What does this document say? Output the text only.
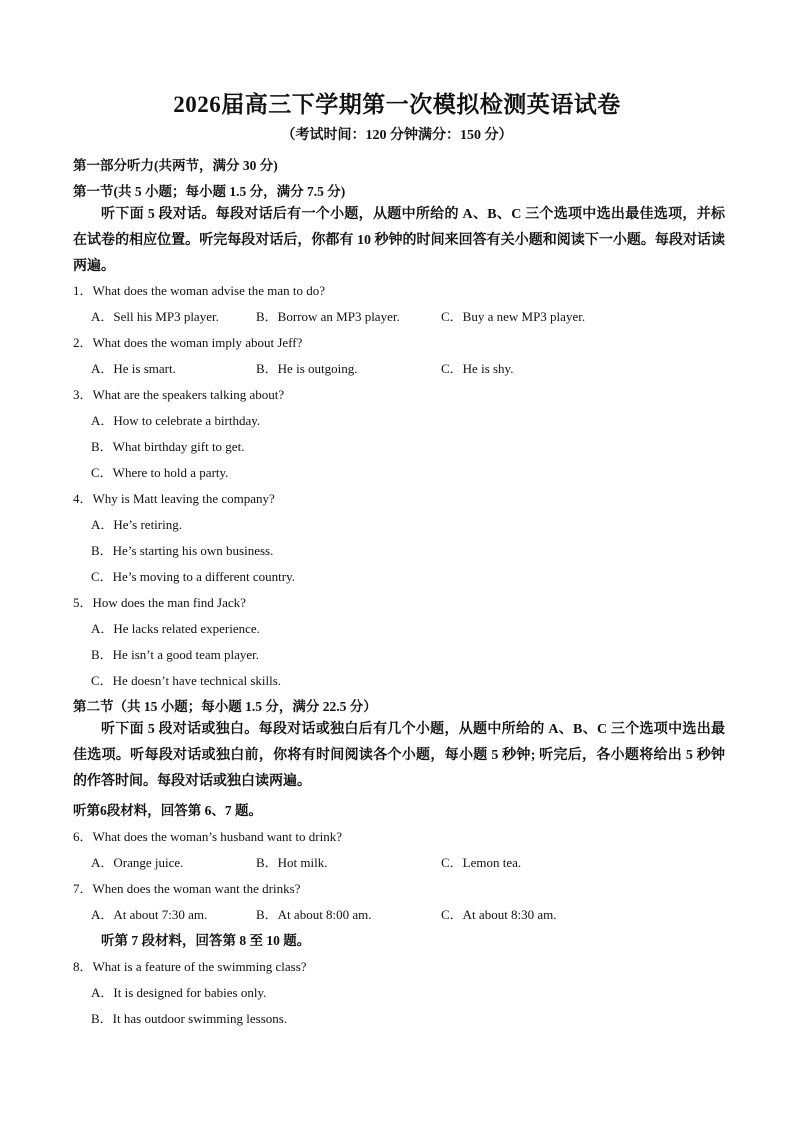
2026届高三下学期第一次模拟检测英语试卷
（考试时间：120 分钟满分：150 分）
第一部分听力(共两节，满分 30 分)
第一节(共 5 小题；每小题 1.5 分，满分 7.5 分)
听下面 5 段对话。每段对话后有一个小题，从题中所给的 A、B、C 三个选项中选出最佳选项，并标在试卷的相应位置。听完每段对话后，你都有 10 秒钟的时间来回答有关小题和阅读下一小题。每段对话读两遍。
1．What does the woman advise the man to do?
A．Sell his MP3 player.	B．Borrow an MP3 player.	C．Buy a new MP3 player.
2．What does the woman imply about Jeff?
A．He is smart.	B．He is outgoing.	C．He is shy.
3．What are the speakers talking about?
A．How to celebrate a birthday.
B．What birthday gift to get.
C．Where to hold a party.
4．Why is Matt leaving the company?
A．He’s retiring.
B．He’s starting his own business.
C．He’s moving to a different country.
5．How does the man find Jack?
A．He lacks related experience.
B．He isn’t a good team player.
C．He doesn’t have technical skills.
第二节（共 15 小题；每小题 1.5 分，满分 22.5 分）
听下面 5 段对话或独白。每段对话或独白后有几个小题，从题中所给的 A、B、C 三个选项中选出最佳选项。听每段对话或独白前，你将有时间阅读各个小题，每小题 5 秒钟; 听完后，各小题将给出 5 秒钟的作答时间。每段对话或独白读两遍。
听第6段材料，回答第 6、7 题。
6．What does the woman’s husband want to drink?
A．Orange juice.	B．Hot milk.	C．Lemon tea.
7．When does the woman want the drinks?
A．At about 7:30 am.	B．At about 8:00 am.	C．At about 8:30 am.
听第 7 段材料，回答第 8 至 10 题。
8．What is a feature of the swimming class?
A．It is designed for babies only.
B．It has outdoor swimming lessons.
